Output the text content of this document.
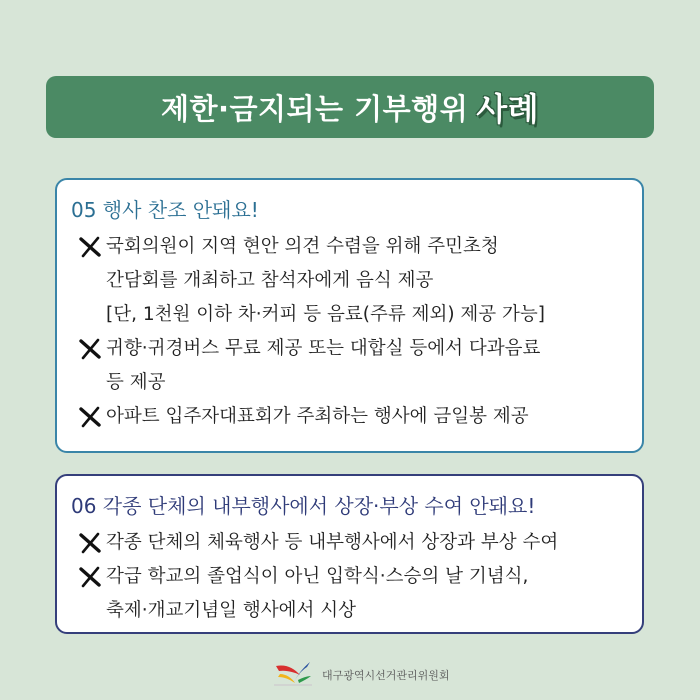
제한·금지되는 기부행위 사례
05 행사 찬조 안돼요!
국회의원이 지역 현안 의견 수렴을 위해 주민초청
간담회를 개최하고 참석자에게 음식 제공
[단, 1천원 이하 차·커피 등 음료(주류 제외) 제공 가능]
귀향·귀경버스 무료 제공 또는 대합실 등에서 다과음료
등 제공
아파트 입주자대표회가 주최하는 행사에 금일봉 제공
06 각종 단체의 내부행사에서 상장·부상 수여 안돼요!
각종 단체의 체육행사 등 내부행사에서 상장과 부상 수여
각급 학교의 졸업식이 아닌 입학식·스승의 날 기념식,
축제·개교기념일 행사에서 시상
대구광역시선거관리위원회
